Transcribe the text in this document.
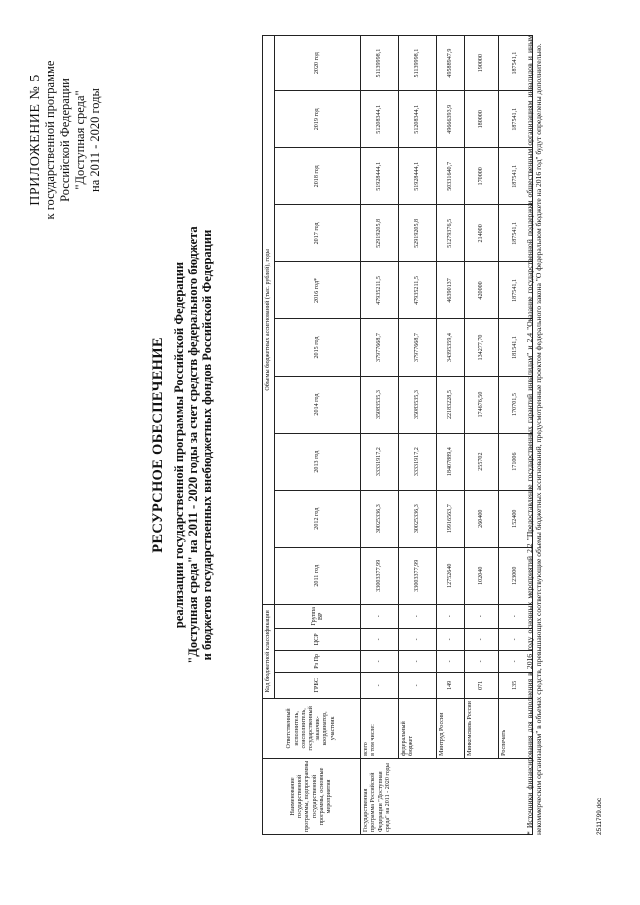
ПРИЛОЖЕНИЕ № 5 к государственной программе Российской Федерации "Доступная среда" на 2011 - 2020 годы
РЕСУРСНОЕ ОБЕСПЕЧЕНИЕ реализации государственной программы Российской Федерации "Доступная среда" на 2011 - 2020 годы за счет средств федерального бюджета и бюджетов государственных внебюджетных фондов Российской Федерации
Наименование государственной программы, подпрограммы государственной программы, основные мероприятия	Ответственный исполнитель, соисполнитель, государственный заказчик-координатор, участник	Код бюджетной классификации				Объемы бюджетных ассигнований (тыс. рублей), годы									
		ГРБС	Рз Пр	ЦСР	Группа ВР	2011 год	2012 год	2013 год	2014 год	2015 год	2016 год*	2017 год	2018 год	2019 год	2020 год
Государственная программа Российской Федерации "Доступная среда" на 2011 - 2020 годы	всего в том числе:	-	-	-	-	33003377,99	30025336,3	33331917,2	35083535,3	37977668,7	47935211,5	52919205,8	51928444,1	51208344,1	51139998,1
	федеральный бюджет	-	-	-	-	33003377,99	30025336,3	33331917,2	35083535,3	37977668,7	47935211,5	52919205,8	51928444,1	51208344,1	51139998,1
	Минтруд России	149	-	-	-	12752640	19916563,7	18407889,4	22183228,5	34395359,4	46390137	51279376,5	50331640,7	49666393,9	49588947,9
	Минкомсвязь России	071	-	-	-	102040	260400	255702	174676,50	134277,70	420000	214000	170000	180000	190000
	Роспечать	135	-	-	-	123000	152400	171006	170701,5	181541,1	187541,1	187541,1	187541,1	187541,1	187541,1 * Источники финансирования для выполнения в 2016 году основных мероприятий 2.2 "Предоставление государственных гарантий инвалидам" и 2.4 "Оказание государственной поддержки общественным организациям инвалидов и иным некоммерческим организациям" в объемах средств, превышающих соответствующие объемы бюджетных ассигнований, предусмотренные проектом федерального закона "О федеральном бюджете на 2016 год" будут определены дополнительно.	2511799.doc
